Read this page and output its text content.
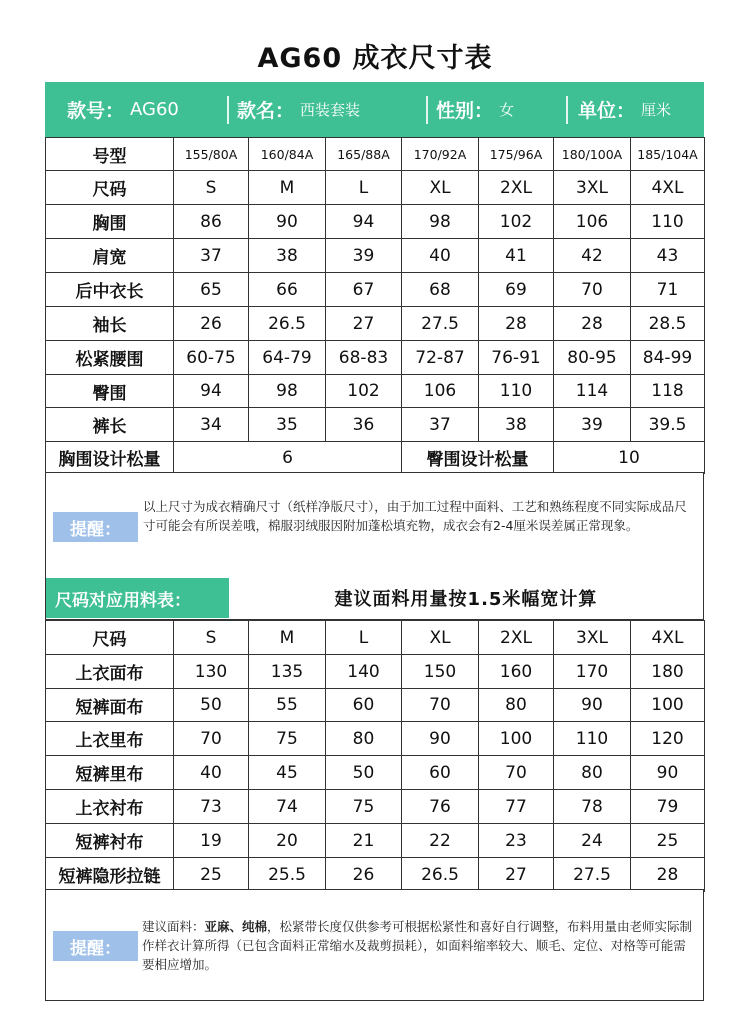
AG60 成衣尺寸表
款号： AG60	款名： 西装套装	性别： 女	单位： 厘米
号型	155/80A	160/84A	165/88A	170/92A	175/96A	180/100A	185/104A
尺码	S	M	L	XL	2XL	3XL	4XL
胸围	86	90	94	98	102	106	110
肩宽	37	38	39	40	41	42	43
后中衣长	65	66	67	68	69	70	71
袖长	26	26.5	27	27.5	28	28	28.5
松紧腰围	60-75	64-79	68-83	72-87	76-91	80-95	84-99
臀围	94	98	102	106	110	114	118
裤长	34	35	36	37	38	39	39.5
胸围设计松量	6			臀围设计松量		10	
提醒：
以上尺寸为成衣精确尺寸（纸样净版尺寸），由于加工过程中面料、工艺和熟练程度不同实际成品尺寸可能会有所误差哦，棉服羽绒服因附加蓬松填充物，成衣会有2-4厘米误差属正常现象。
尺码对应用料表：	建议面料用量按1.5米幅宽计算
尺码	S	M	L	XL	2XL	3XL	4XL
上衣面布	130	135	140	150	160	170	180
短裤面布	50	55	60	70	80	90	100
上衣里布	70	75	80	90	100	110	120
短裤里布	40	45	50	60	70	80	90
上衣衬布	73	74	75	76	77	78	79
短裤衬布	19	20	21	22	23	24	25
短裤隐形拉链	25	25.5	26	26.5	27	27.5	28
提醒：
建议面料：亚麻、纯棉，松紧带长度仅供参考可根据松紧性和喜好自行调整，布料用量由老师实际制作样衣计算所得（已包含面料正常缩水及裁剪损耗），如面料缩率较大、顺毛、定位、对格等可能需要相应增加。
